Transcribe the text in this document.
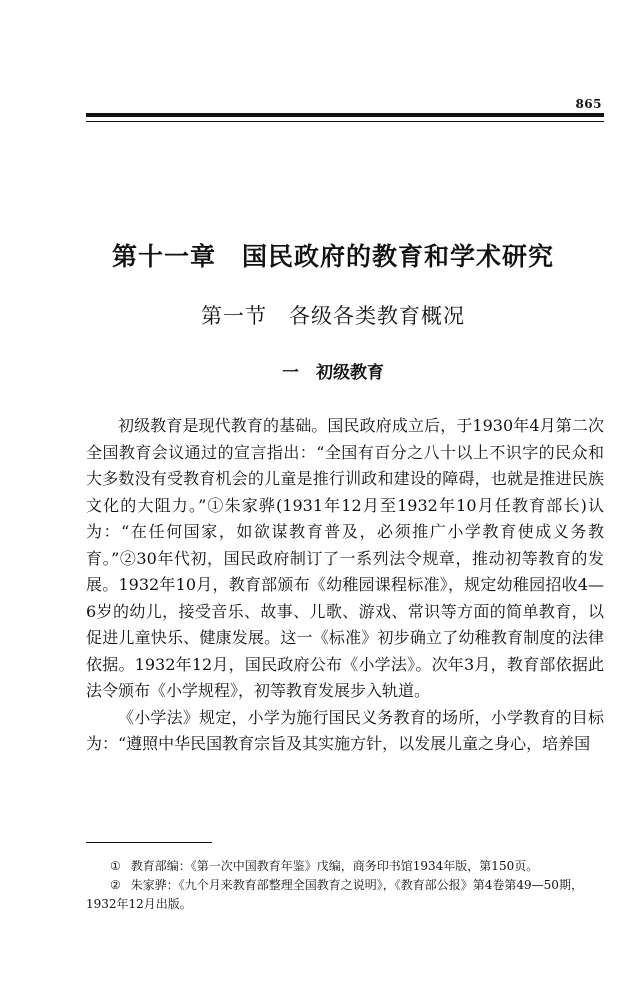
865
第十一章　国民政府的教育和学术研究
第一节　各级各类教育概况
一　初级教育

初级教育是现代教育的基础。国民政府成立后，于1930年4月第二次全国教育会议通过的宣言指出：“全国有百分之八十以上不识字的民众和大多数没有受教育机会的儿童是推行训政和建设的障碍，也就是推进民族文化的大阻力。”①朱家骅(1931年12月至1932年10月任教育部长)认为：“在任何国家，如欲谋教育普及，必须推广小学教育使成义务教育。”②30年代初，国民政府制订了一系列法令规章，推动初等教育的发展。1932年10月，教育部颁布《幼稚园课程标准》，规定幼稚园招收4—6岁的幼儿，接受音乐、故事、儿歌、游戏、常识等方面的简单教育，以促进儿童快乐、健康发展。这一《标准》初步确立了幼稚教育制度的法律依据。1932年12月，国民政府公布《小学法》。次年3月，教育部依据此法令颁布《小学规程》，初等教育发展步入轨道。

《小学法》规定，小学为施行国民义务教育的场所，小学教育的目标为：“遵照中华民国教育宗旨及其实施方针，以发展儿童之身心，培养国

① 教育部编：《第一次中国教育年鉴》戊编，商务印书馆1934年版，第150页。

② 朱家骅：《九个月来教育部整理全国教育之说明》，《教育部公报》第4卷第49—50期，1932年12月出版。
